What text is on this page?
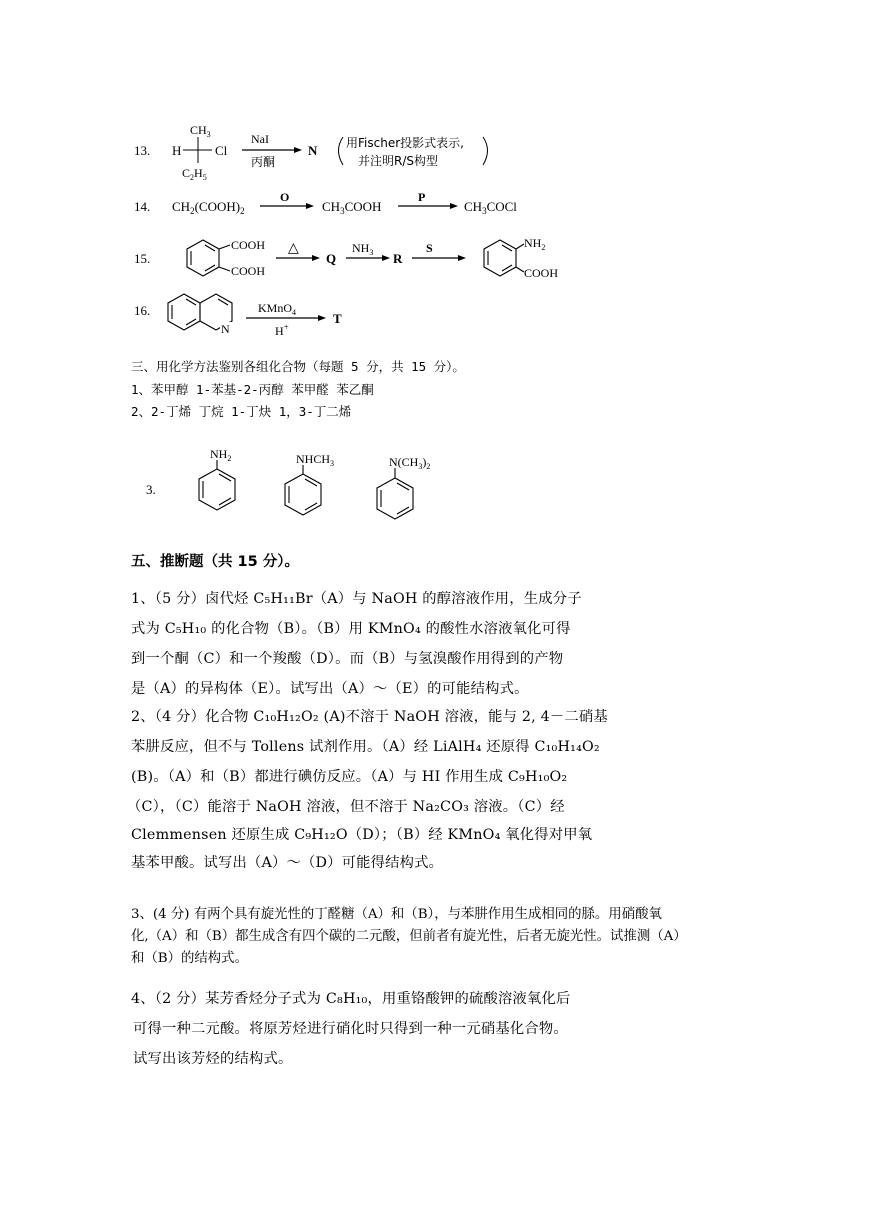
13. H	Cl
$CH_3$
$C_2H_5$
NaI
丙酮
N 用Fischer投影式表示,
并注明R/S构型
14. $CH_2(COOH)_2$
O
$CH_3COOH$
P
$CH_3COCl$
15.
COOH
COOH
△
Q
$NH_3$ R
S	$NH_2$
COOH
16.
N
KMnO$_4$
H+
T
三、用化学方法鉴别各组化合物（每题 5 分，共 15 分）。
1、苯甲醇 1-苯基-2-丙醇 苯甲醛 苯乙酮
2、2-丁烯 丁烷 1-丁炔 1，3-丁二烯
3.
$NH_2$	$NHCH_3$	$N(CH_3)_2$
五、推断题（共 15 分）。
1、（5 分）卤代烃 C₅H₁₁Br（A）与 NaOH 的醇溶液作用，生成分子
式为 C₅H₁₀ 的化合物（B）。（B）用 KMnO₄ 的酸性水溶液氧化可得
到一个酮（C）和一个羧酸（D）。而（B）与氢溴酸作用得到的产物
是（A）的异构体（E）。试写出（A）～（E）的可能结构式。
2、（4 分）化合物 C₁₀H₁₂O₂ (A)不溶于 NaOH 溶液，能与 2, 4－二硝基
苯肼反应，但不与 Tollens 试剂作用。（A）经 LiAlH₄ 还原得 C₁₀H₁₄O₂
(B)。（A）和（B）都进行碘仿反应。（A）与 HI 作用生成 C₉H₁₀O₂
（C），（C）能溶于 NaOH 溶液，但不溶于 Na₂CO₃ 溶液。（C）经
Clemmensen 还原生成 C₉H₁₂O（D）；（B）经 KMnO₄ 氧化得对甲氧
基苯甲酸。试写出（A）～（D）可能得结构式。
3、(4 分) 有两个具有旋光性的丁醛糖（A）和（B），与苯肼作用生成相同的脎。用硝酸氧
化,（A）和（B）都生成含有四个碳的二元酸，但前者有旋光性，后者无旋光性。试推测（A）
和（B）的结构式。
4、（2 分）某芳香烃分子式为 C₈H₁₀，用重铬酸钾的硫酸溶液氧化后
可得一种二元酸。将原芳烃进行硝化时只得到一种一元硝基化合物。
试写出该芳烃的结构式。
